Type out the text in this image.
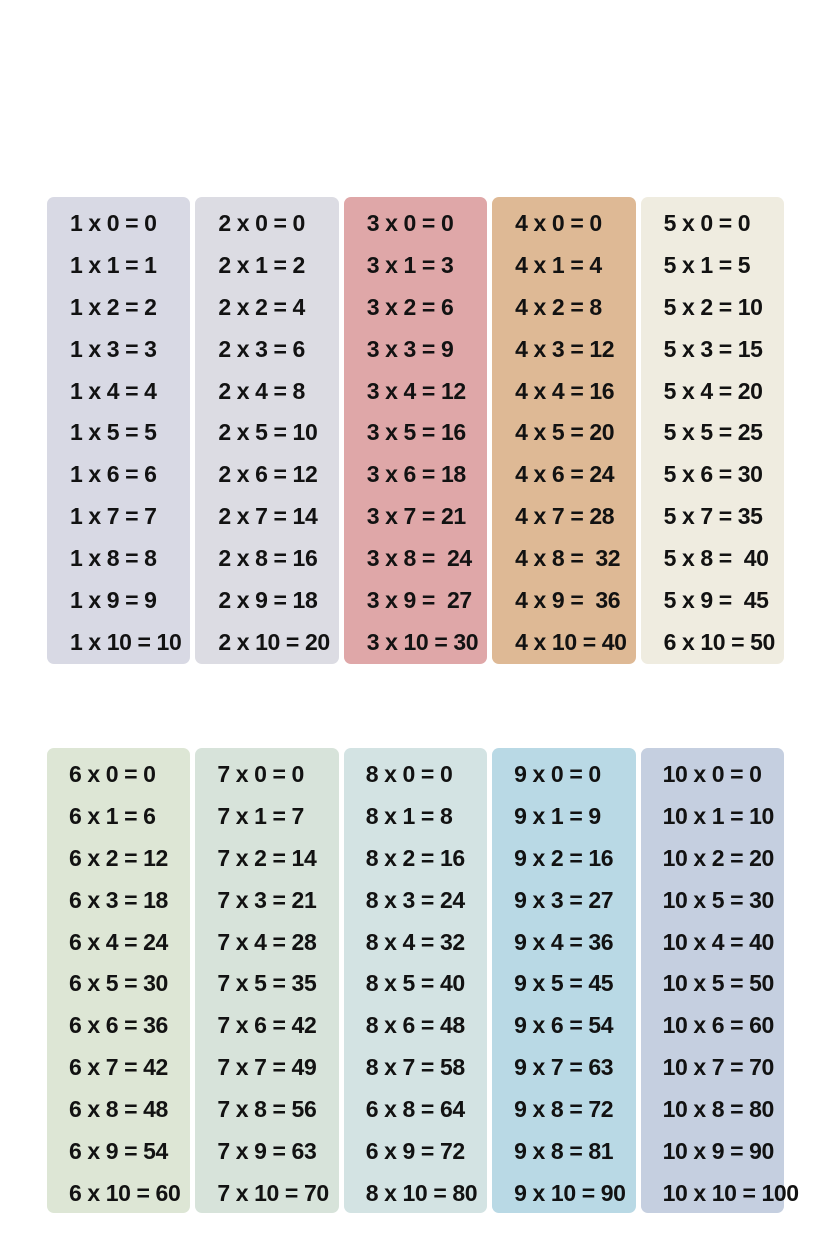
1 x 0 = 0
1 x 1 = 1
1 x 2 = 2
1 x 3 = 3
1 x 4 = 4
1 x 5 = 5
1 x 6 = 6
1 x 7 = 7
1 x 8 = 8
1 x 9 = 9
1 x 10 = 10
2 x 0 = 0
2 x 1 = 2
2 x 2 = 4
2 x 3 = 6
2 x 4 = 8
2 x 5 = 10
2 x 6 = 12
2 x 7 = 14
2 x 8 = 16
2 x 9 = 18
2 x 10 = 20
3 x 0 = 0
3 x 1 = 3
3 x 2 = 6
3 x 3 = 9
3 x 4 = 12
3 x 5 = 16
3 x 6 = 18
3 x 7 = 21
3 x 8 =  24
3 x 9 =  27
3 x 10 = 30
4 x 0 = 0
4 x 1 = 4
4 x 2 = 8
4 x 3 = 12
4 x 4 = 16
4 x 5 = 20
4 x 6 = 24
4 x 7 = 28
4 x 8 =  32
4 x 9 =  36
4 x 10 = 40
5 x 0 = 0
5 x 1 = 5
5 x 2 = 10
5 x 3 = 15
5 x 4 = 20
5 x 5 = 25
5 x 6 = 30
5 x 7 = 35
5 x 8 =  40
5 x 9 =  45
6 x 10 = 50
6 x 0 = 0
6 x 1 = 6
6 x 2 = 12
6 x 3 = 18
6 x 4 = 24
6 x 5 = 30
6 x 6 = 36
6 x 7 = 42
6 x 8 = 48
6 x 9 = 54
6 x 10 = 60
7 x 0 = 0
7 x 1 = 7
7 x 2 = 14
7 x 3 = 21
7 x 4 = 28
7 x 5 = 35
7 x 6 = 42
7 x 7 = 49
7 x 8 = 56
7 x 9 = 63
7 x 10 = 70
8 x 0 = 0
8 x 1 = 8
8 x 2 = 16
8 x 3 = 24
8 x 4 = 32
8 x 5 = 40
8 x 6 = 48
8 x 7 = 58
6 x 8 = 64
6 x 9 = 72
8 x 10 = 80
9 x 0 = 0
9 x 1 = 9
9 x 2 = 16
9 x 3 = 27
9 x 4 = 36
9 x 5 = 45
9 x 6 = 54
9 x 7 = 63
9 x 8 = 72
9 x 8 = 81
9 x 10 = 90
10 x 0 = 0
10 x 1 = 10
10 x 2 = 20
10 x 5 = 30
10 x 4 = 40
10 x 5 = 50
10 x 6 = 60
10 x 7 = 70
10 x 8 = 80
10 x 9 = 90
10 x 10 = 100
